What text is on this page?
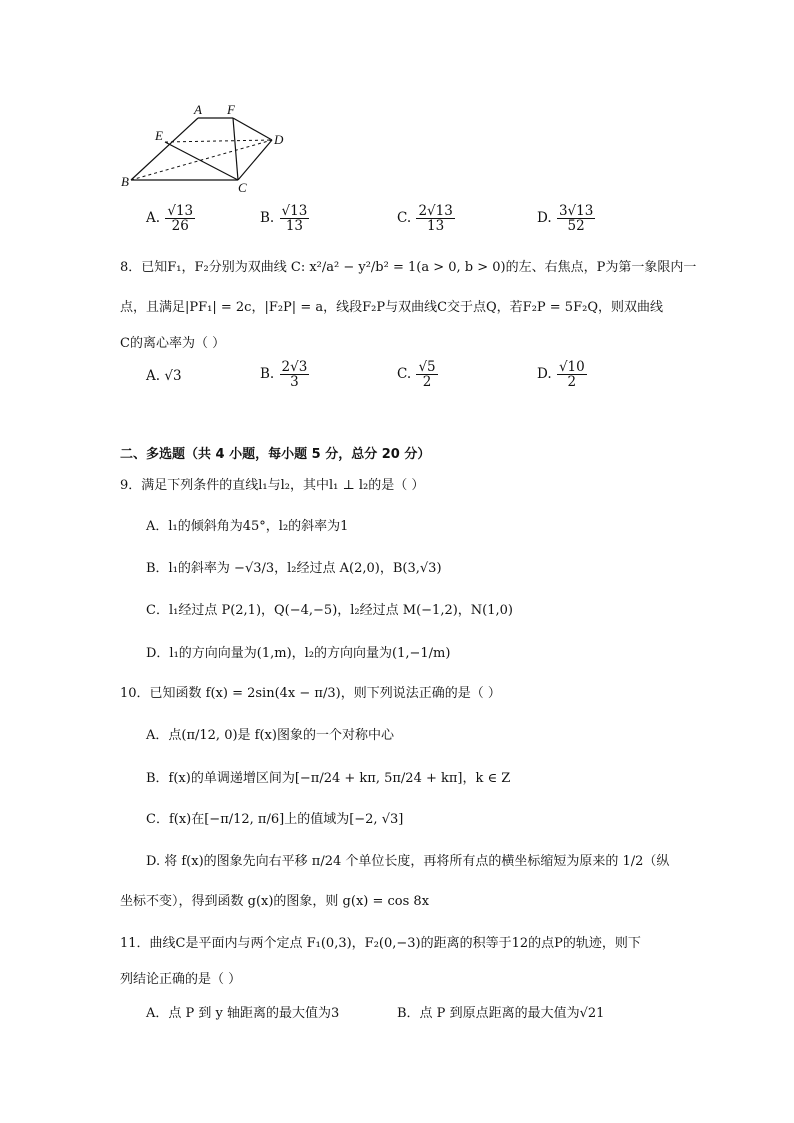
A F
E	D
B	C
A. $\frac{√13}{26}$	B. $\frac{√13}{13}$	C. $\frac{2√13}{13}$	D. $\frac{3√13}{52}$
8．已知F₁，F₂分别为双曲线 C: x²/a² − y²/b² = 1(a > 0, b > 0)的左、右焦点，P为第一象限内一
点，且满足|PF₁| = 2c，|F₂P| = a，线段F₂P与双曲线C交于点Q，若F₂P = 5F₂Q，则双曲线
C的离心率为（ ）
A. √3	B. $\frac{2√3}{3}$	C. $\frac{√5}{2}$	D. $\frac{√10}{2}$
二、多选题（共 4 小题，每小题 5 分，总分 20 分）
9．满足下列条件的直线l₁与l₂，其中l₁ ⊥ l₂的是（ ）
A．l₁的倾斜角为45°，l₂的斜率为1
B．l₁的斜率为 −√3/3，l₂经过点 A(2,0)，B(3,√3)
C．l₁经过点 P(2,1)，Q(−4,−5)，l₂经过点 M(−1,2)，N(1,0)
D．l₁的方向向量为(1,m)，l₂的方向向量为(1,−1/m)
10．已知函数 f(x) = 2sin(4x − π/3)，则下列说法正确的是（ ）
A．点(π/12, 0)是 f(x)图象的一个对称中心
B．f(x)的单调递增区间为[−π/24 + kπ, 5π/24 + kπ]，k ∈ Z
C．f(x)在[−π/12, π/6]上的值域为[−2, √3]
D. 将 f(x)的图象先向右平移 π/24 个单位长度，再将所有点的横坐标缩短为原来的 1/2（纵
坐标不变），得到函数 g(x)的图象，则 g(x) = cos 8x
11．曲线C是平面内与两个定点 F₁(0,3)，F₂(0,−3)的距离的积等于12的点P的轨迹，则下
列结论正确的是（ ）
A．点 P 到 y 轴距离的最大值为3	B．点 P 到原点距离的最大值为√21
